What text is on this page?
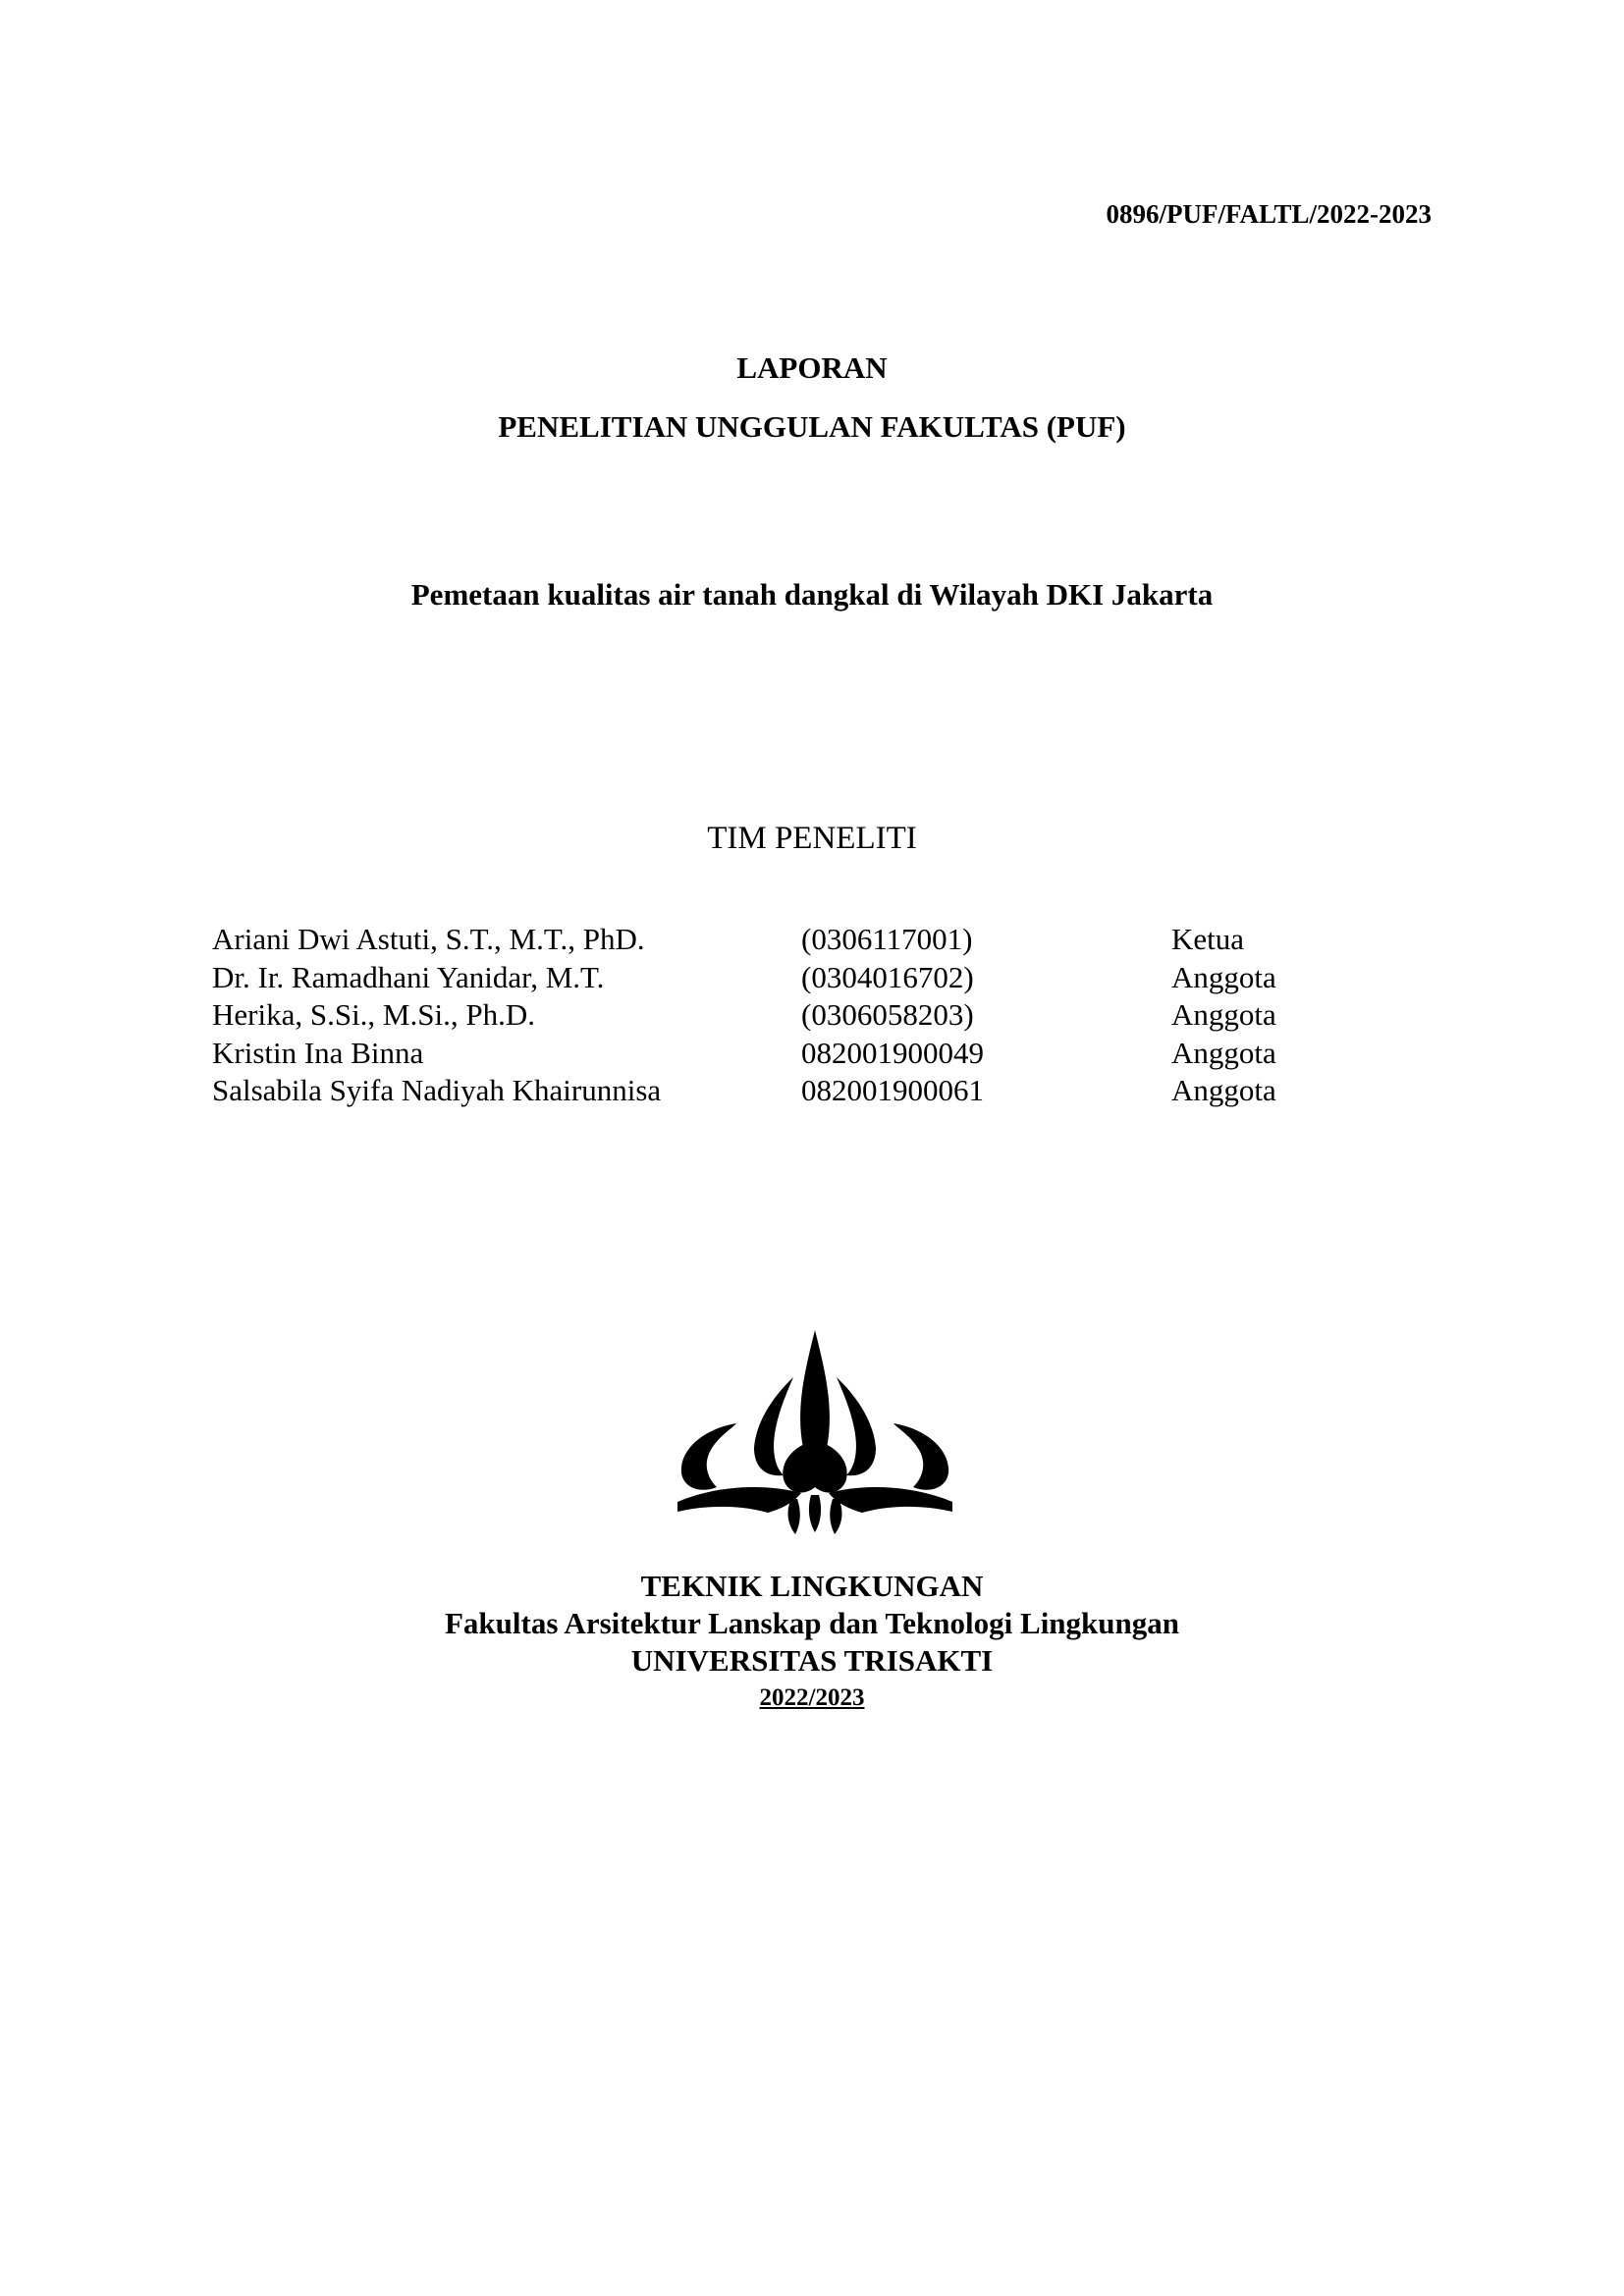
0896/PUF/FALTL/2022-2023
LAPORAN
PENELITIAN UNGGULAN FAKULTAS (PUF)
Pemetaan kualitas air tanah dangkal di Wilayah DKI Jakarta
TIM PENELITI
Ariani Dwi Astuti, S.T., M.T., PhD.	(0306117001)	Ketua
Dr. Ir. Ramadhani Yanidar, M.T.	(0304016702)	Anggota
Herika, S.Si., M.Si., Ph.D.	(0306058203)	Anggota
Kristin Ina Binna	082001900049	Anggota
Salsabila Syifa Nadiyah Khairunnisa	082001900061	Anggota
TEKNIK LINGKUNGAN
Fakultas Arsitektur Lanskap dan Teknologi Lingkungan
UNIVERSITAS TRISAKTI
2022/2023
